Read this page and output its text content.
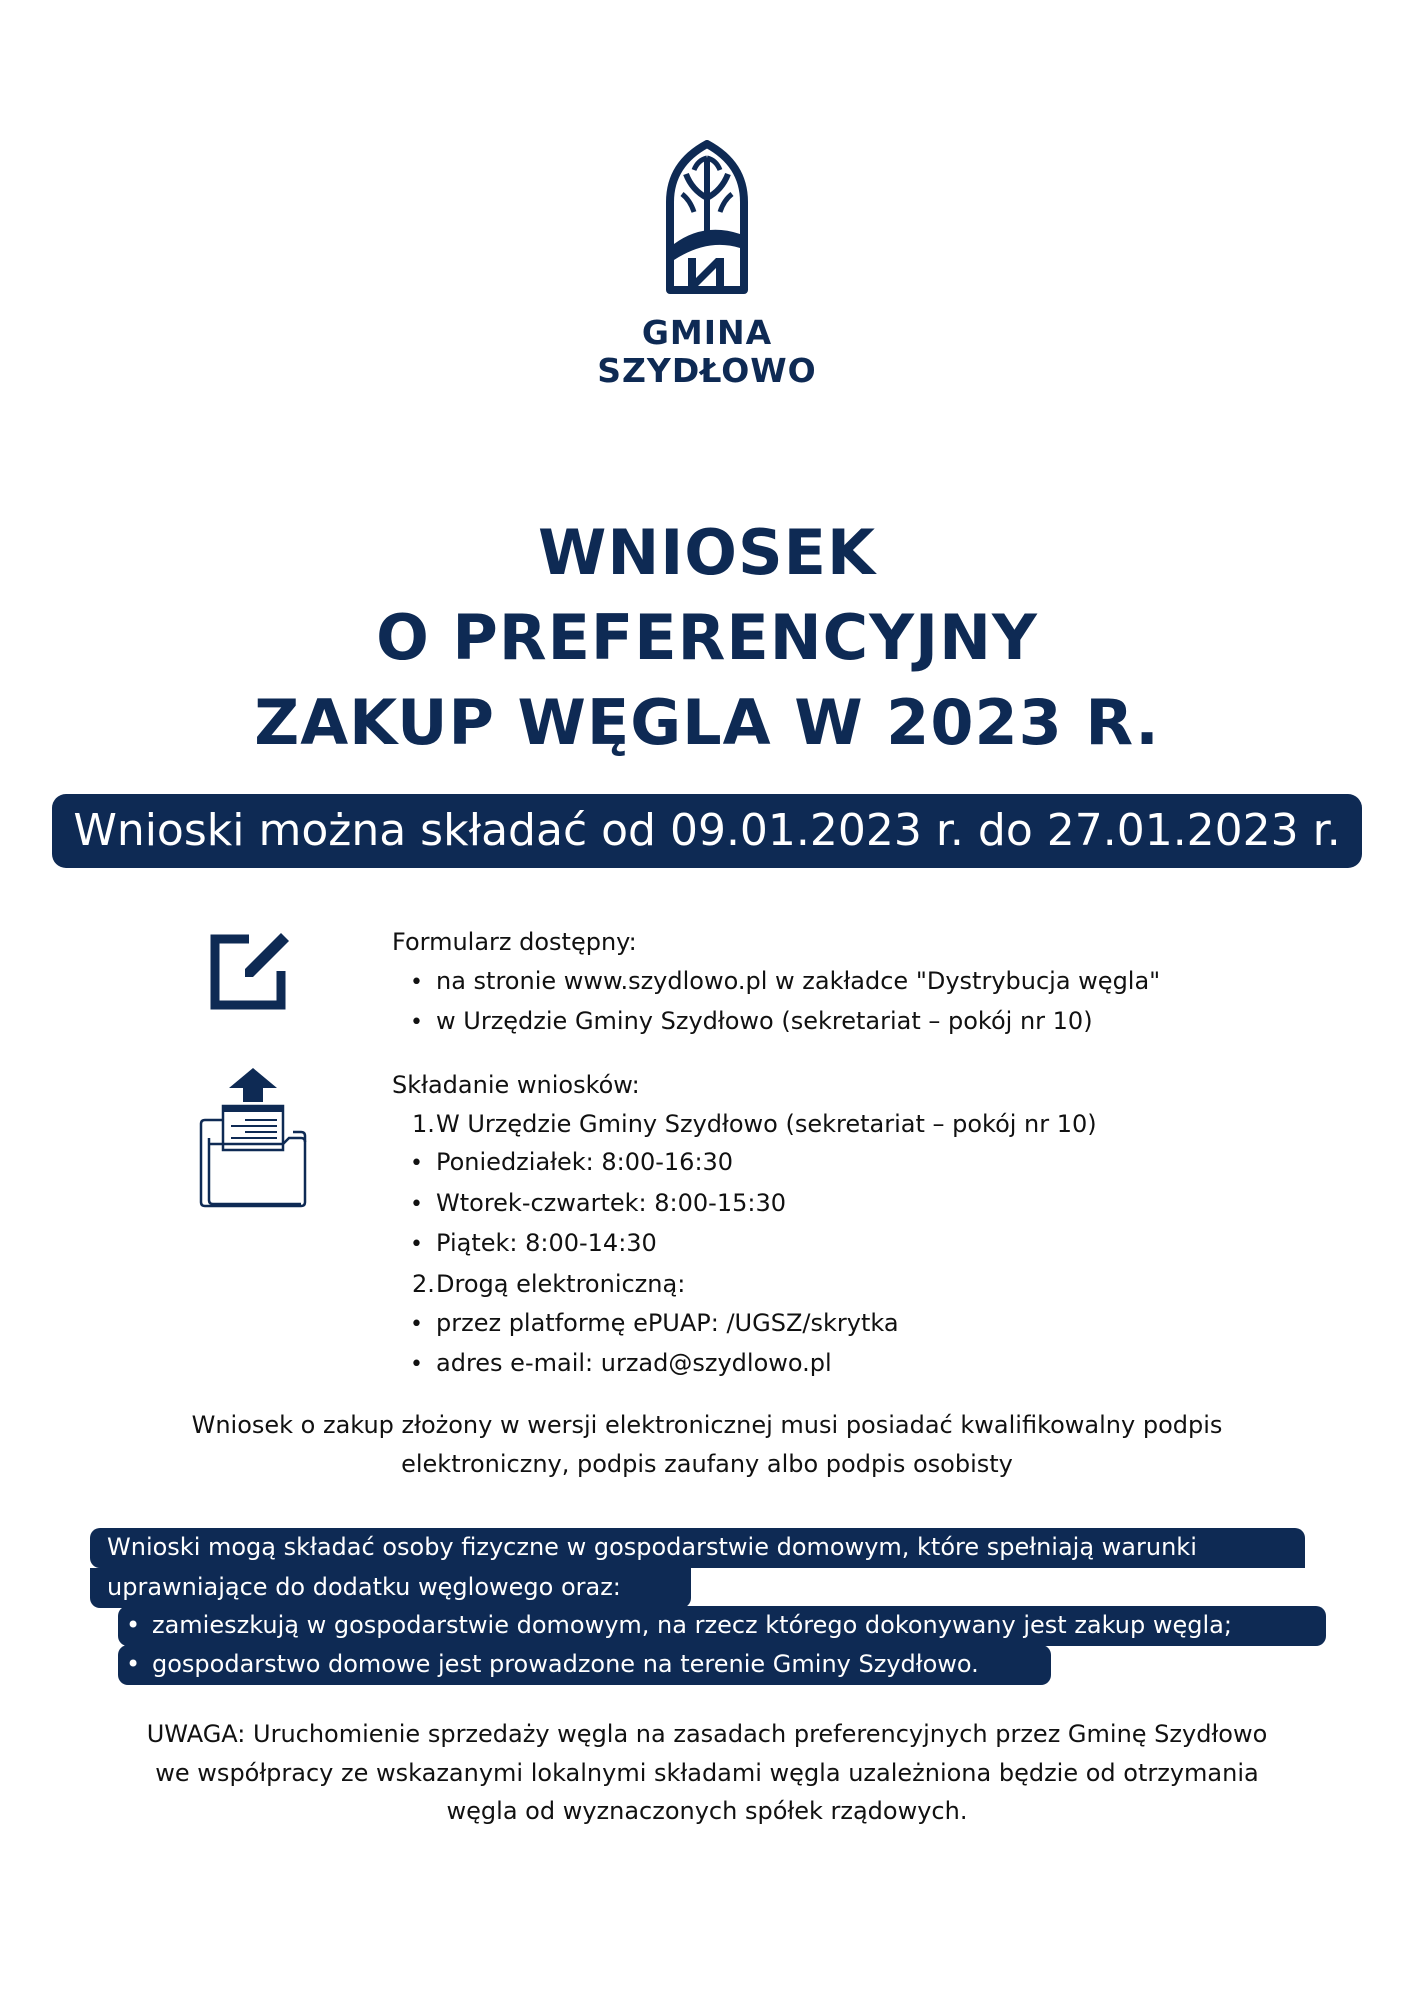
GMINA
SZYDŁOWO
WNIOSEK
O PREFERENCYJNY
ZAKUP WĘGLA W 2023 R.
Wnioski można składać od 09.01.2023 r. do 27.01.2023 r.
Formularz dostępny:
• na stronie www.szydlowo.pl w zakładce "Dystrybucja węgla"
• w Urzędzie Gminy Szydłowo (sekretariat – pokój nr 10)
Składanie wniosków:
1.W Urzędzie Gminy Szydłowo (sekretariat – pokój nr 10)
• Poniedziałek: 8:00-16:30
• Wtorek-czwartek: 8:00-15:30
• Piątek: 8:00-14:30
2.Drogą elektroniczną:
• przez platformę ePUAP: /UGSZ/skrytka
• adres e-mail: urzad@szydlowo.pl
Wniosek o zakup złożony w wersji elektronicznej musi posiadać kwalifikowalny podpis
elektroniczny, podpis zaufany albo podpis osobisty
Wnioski mogą składać osoby fizyczne w gospodarstwie domowym, które spełniają warunki
uprawniające do dodatku węglowego oraz:
• zamieszkują w gospodarstwie domowym, na rzecz którego dokonywany jest zakup węgla;
• gospodarstwo domowe jest prowadzone na terenie Gminy Szydłowo.
UWAGA: Uruchomienie sprzedaży węgla na zasadach preferencyjnych przez Gminę Szydłowo
we współpracy ze wskazanymi lokalnymi składami węgla uzależniona będzie od otrzymania
węgla od wyznaczonych spółek rządowych.
